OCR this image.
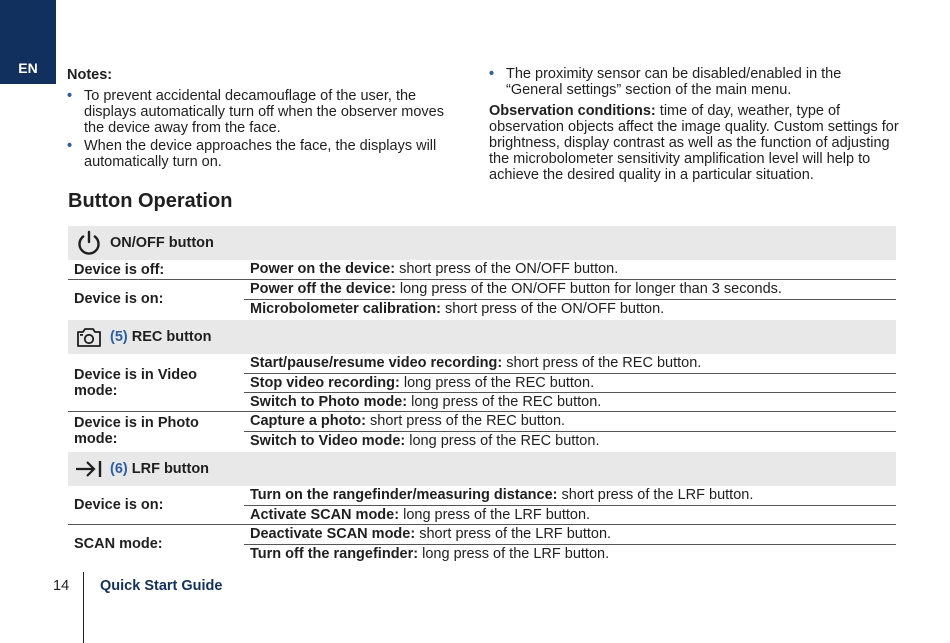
EN Notes:
• To prevent accidental decamouflage of the user, the displays automatically turn off when the observer moves the device away from the face.
• When the device approaches the face, the displays will automatically turn on.
• The proximity sensor can be disabled/enabled in the “General settings” section of the main menu.

Observation conditions: time of day, weather, type of observation objects affect the image quality. Custom settings for brightness, display contrast as well as the function of adjusting the microbolometer sensitivity amplification level will help to achieve the desired quality in a particular situation.

Button Operation
ON/OFF button
Device is off:	Power on the device: short press of the ON/OFF button.
Device is on:
Power off the device: long press of the ON/OFF button for longer than 3 seconds.
Microbolometer calibration: short press of the ON/OFF button.
(5) REC button
Device is in Video mode:
Start/pause/resume video recording: short press of the REC button.
Stop video recording: long press of the REC button.
Switch to Photo mode: long press of the REC button.
Device is in Photo mode:
Capture a photo: short press of the REC button.
Switch to Video mode: long press of the REC button.
(6) LRF button
Device is on:
Turn on the rangefinder/measuring distance: short press of the LRF button.
Activate SCAN mode: long press of the LRF button.
SCAN mode:
Deactivate SCAN mode: short press of the LRF button.
Turn off the rangefinder: long press of the LRF button.
14 Quick Start Guide
